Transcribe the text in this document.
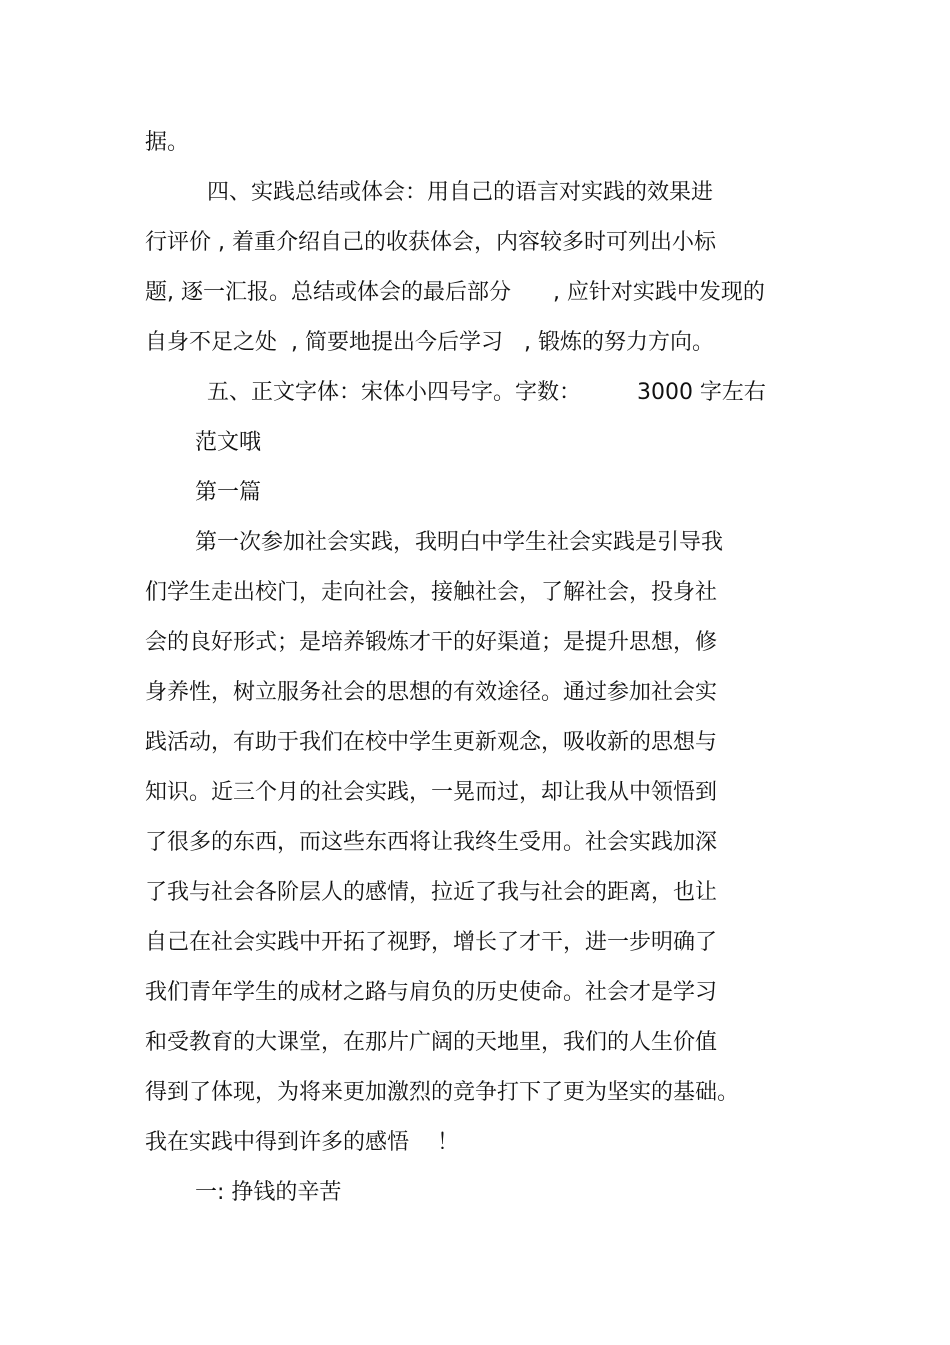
据。
四、实践总结或体会：用自己的语言对实践的效果进
行评价 , 着重介绍自己的收获体会，内容较多时可列出小标
题, 逐一汇报。总结或体会的最后部分      , 应针对实践中发现的
自身不足之处  , 简要地提出今后学习   , 锻炼的努力方向。
五、正文字体：宋体小四号字。字数：        3000 字左右
范文哦
第一篇
第一次参加社会实践，我明白中学生社会实践是引导我
们学生走出校门，走向社会，接触社会，了解社会，投身社
会的良好形式；是培养锻炼才干的好渠道；是提升思想，修
身养性，树立服务社会的思想的有效途径。通过参加社会实
践活动，有助于我们在校中学生更新观念，吸收新的思想与
知识。近三个月的社会实践，一晃而过，却让我从中领悟到
了很多的东西，而这些东西将让我终生受用。社会实践加深
了我与社会各阶层人的感情，拉近了我与社会的距离，也让
自己在社会实践中开拓了视野，增长了才干，进一步明确了
我们青年学生的成材之路与肩负的历史使命。社会才是学习
和受教育的大课堂，在那片广阔的天地里，我们的人生价值
得到了体现，为将来更加激烈的竞争打下了更为坚实的基础。
我在实践中得到许多的感悟    ！
一: 挣钱的辛苦
